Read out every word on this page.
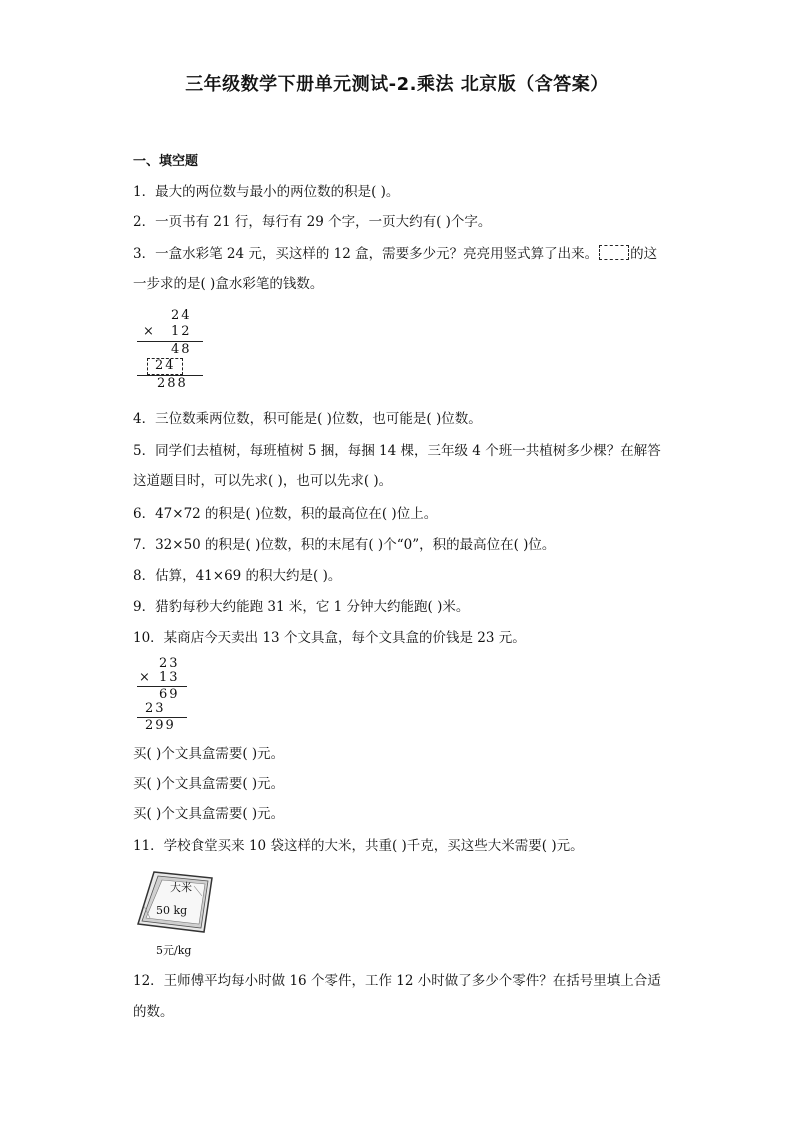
三年级数学下册单元测试-2.乘法 北京版（含答案）
一、填空题
1．最大的两位数与最小的两位数的积是( )。
2．一页书有 21 行，每行有 29 个字，一页大约有( )个字。
3．一盒水彩笔 24 元，买这样的 12 盒，需要多少元？亮亮用竖式算了出来。 的这
一步求的是( )盒水彩笔的钱数。
24
× 12
48
24
288
4．三位数乘两位数，积可能是( )位数，也可能是( )位数。
5．同学们去植树，每班植树 5 捆，每捆 14 棵，三年级 4 个班一共植树多少棵？在解答
这道题目时，可以先求( )，也可以先求( )。
6．47×72 的积是( )位数，积的最高位在( )位上。
7．32×50 的积是( )位数，积的末尾有( )个“0”，积的最高位在( )位。
8．估算，41×69 的积大约是( )。
9．猎豹每秒大约能跑 31 米，它 1 分钟大约能跑( )米。
10．某商店今天卖出 13 个文具盒，每个文具盒的价钱是 23 元。
23
× 13
69
23
299
买( )个文具盒需要( )元。
买( )个文具盒需要( )元。
买( )个文具盒需要( )元。
11．学校食堂买来 10 袋这样的大米，共重( )千克，买这些大米需要( )元。
大米
50 kg
5元/kg
12．王师傅平均每小时做 16 个零件，工作 12 小时做了多少个零件？在括号里填上合适
的数。
